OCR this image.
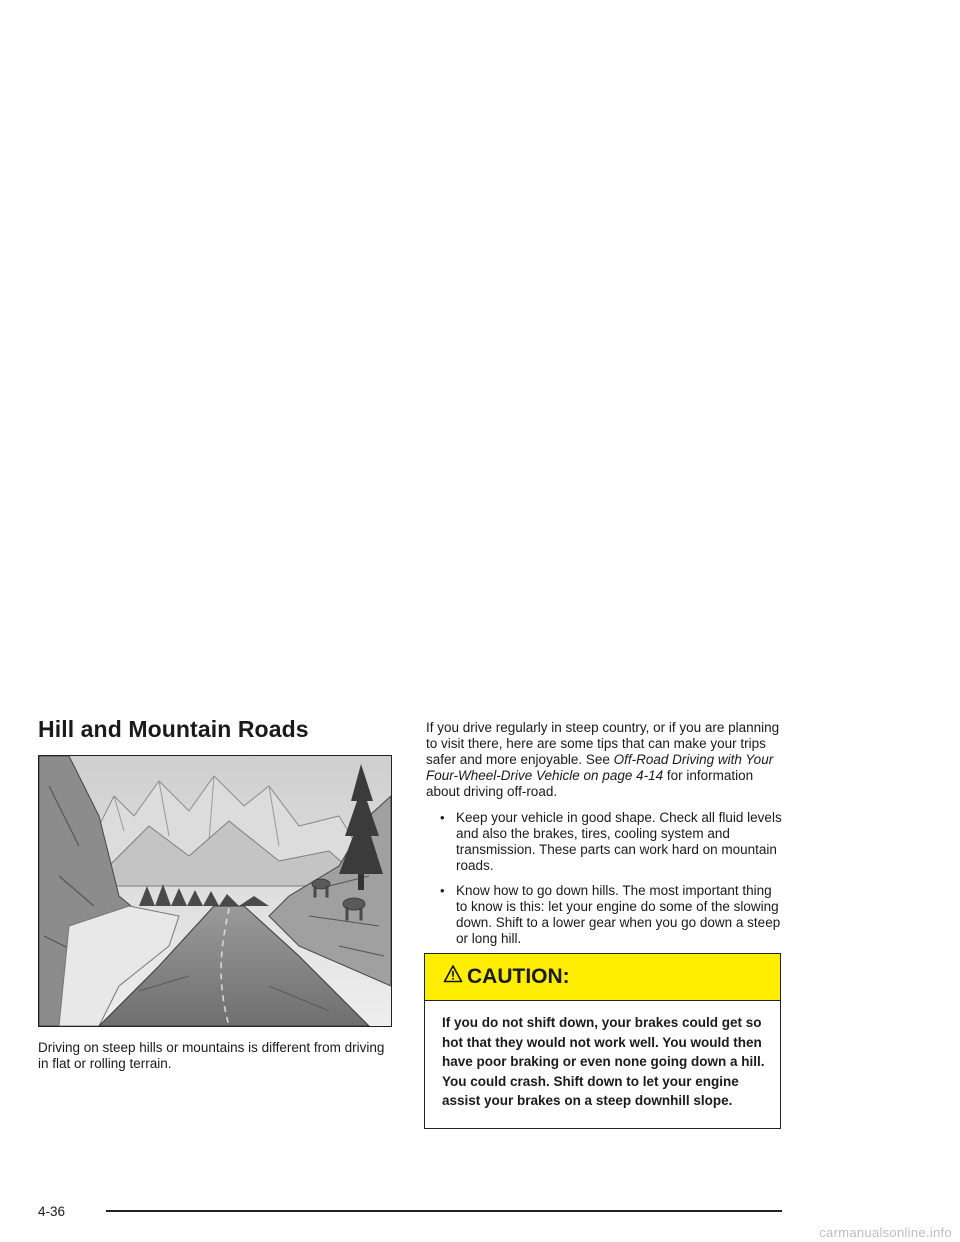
Hill and Mountain Roads

Driving on steep hills or mountains is different from driving in flat or rolling terrain.

If you drive regularly in steep country, or if you are planning to visit there, here are some tips that can make your trips safer and more enjoyable. See Off-Road Driving with Your Four-Wheel-Drive Vehicle on page 4-14 for information about driving off-road.

• Keep your vehicle in good shape. Check all fluid levels and also the brakes, tires, cooling system and transmission. These parts can work hard on mountain roads.
• Know how to go down hills. The most important thing to know is this: let your engine do some of the slowing down. Shift to a lower gear when you go down a steep or long hill.
CAUTION:
If you do not shift down, your brakes could get so hot that they would not work well. You would then have poor braking or even none going down a hill. You could crash. Shift down to let your engine assist your brakes on a steep downhill slope.
4-36
carmanualsonline.info
